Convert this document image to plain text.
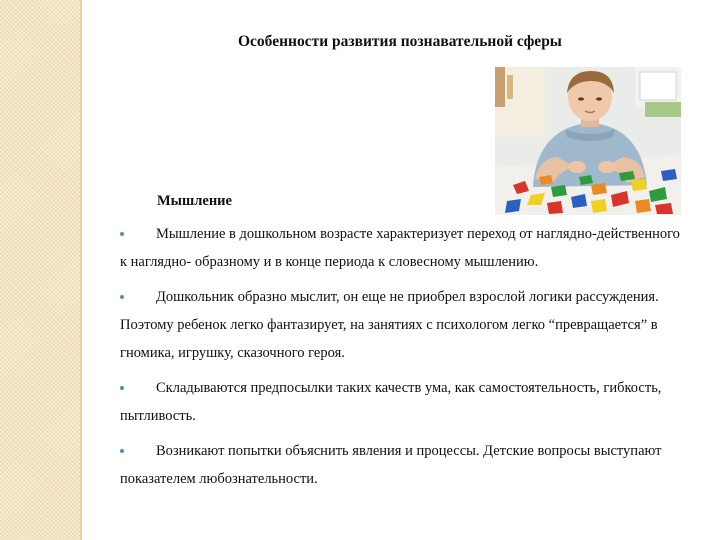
Особенности развития познавательной сферы
Мышление
Мышление в дошкольном возрасте характеризует переход от наглядно-действенного к наглядно- образному и в конце периода к словесному мышлению.
Дошкольник образно мыслит, он еще не приобрел взрослой логики рассуждения. Поэтому ребенок легко фантазирует, на занятиях с психологом легко “превращается” в гномика, игрушку, сказочного героя.
Складываются предпосылки таких качеств ума, как самостоятельность, гибкость, пытливость.
Возникают попытки объяснить явления и процессы. Детские вопросы выступают показателем любознательности.
